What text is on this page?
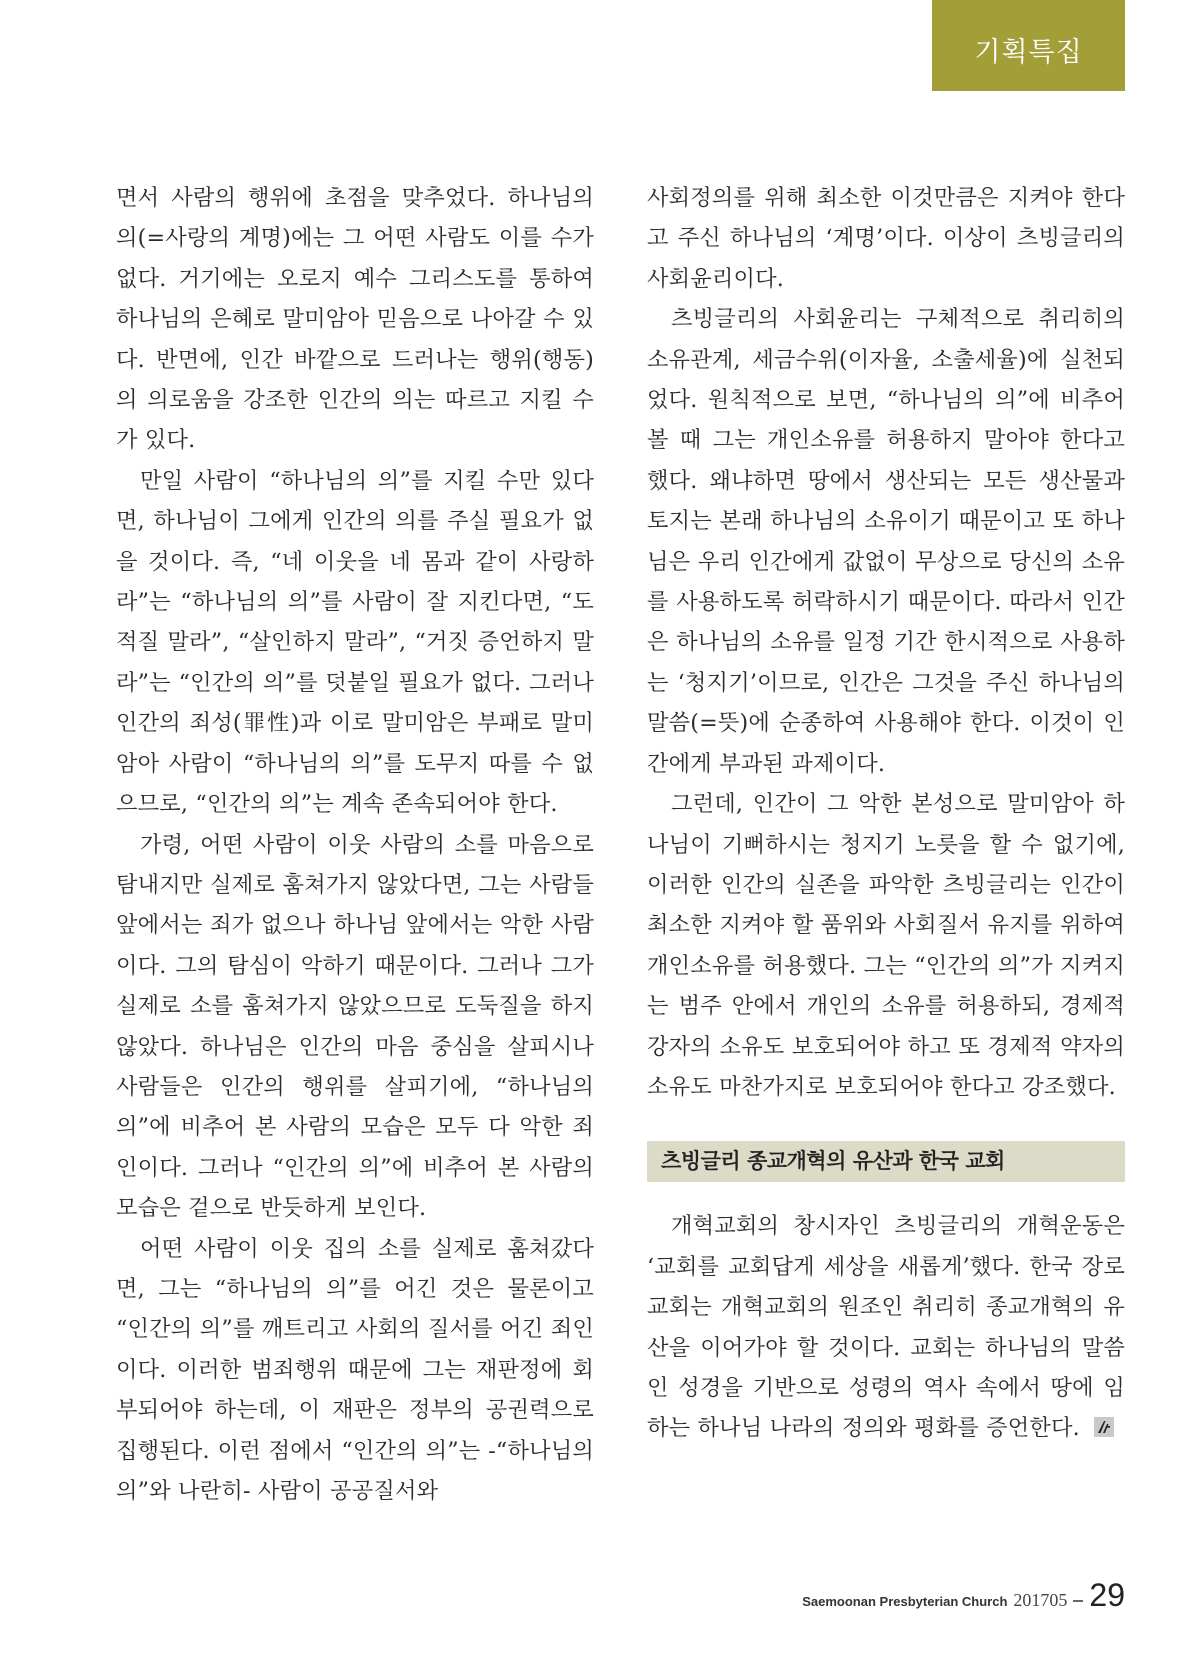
기획특집

면서 사람의 행위에 초점을 맞추었다. 하나님의 의(=사랑의 계명)에는 그 어떤 사람도 이를 수가 없다. 거기에는 오로지 예수 그리스도를 통하여 하나님의 은혜로 말미암아 믿음으로 나아갈 수 있다. 반면에, 인간 바깥으로 드러나는 행위(행동)의 의로움을 강조한 인간의 의는 따르고 지킬 수가 있다.

만일 사람이 “하나님의 의”를 지킬 수만 있다면, 하나님이 그에게 인간의 의를 주실 필요가 없을 것이다. 즉, “네 이웃을 네 몸과 같이 사랑하라”는 “하나님의 의”를 사람이 잘 지킨다면, “도적질 말라”, “살인하지 말라”, “거짓 증언하지 말라”는 “인간의 의”를 덧붙일 필요가 없다. 그러나 인간의 죄성(罪性)과 이로 말미암은 부패로 말미암아 사람이 “하나님의 의”를 도무지 따를 수 없으므로, “인간의 의”는 계속 존속되어야 한다.

가령, 어떤 사람이 이웃 사람의 소를 마음으로 탐내지만 실제로 훔쳐가지 않았다면, 그는 사람들 앞에서는 죄가 없으나 하나님 앞에서는 악한 사람이다. 그의 탐심이 악하기 때문이다. 그러나 그가 실제로 소를 훔쳐가지 않았으므로 도둑질을 하지 않았다. 하나님은 인간의 마음 중심을 살피시나 사람들은 인간의 행위를 살피기에, “하나님의 의”에 비추어 본 사람의 모습은 모두 다 악한 죄인이다. 그러나 “인간의 의”에 비추어 본 사람의 모습은 겉으로 반듯하게 보인다.

어떤 사람이 이웃 집의 소를 실제로 훔쳐갔다면, 그는 “하나님의 의”를 어긴 것은 물론이고 “인간의 의”를 깨트리고 사회의 질서를 어긴 죄인이다. 이러한 범죄행위 때문에 그는 재판정에 회부되어야 하는데, 이 재판은 정부의 공권력으로 집행된다. 이런 점에서 “인간의 의”는 -“하나님의 의”와 나란히- 사람이 공공질서와

사회정의를 위해 최소한 이것만큼은 지켜야 한다고 주신 하나님의 ‘계명’이다. 이상이 츠빙글리의 사회윤리이다.

츠빙글리의 사회윤리는 구체적으로 취리히의 소유관계, 세금수위(이자율, 소출세율)에 실천되었다. 원칙적으로 보면, “하나님의 의”에 비추어 볼 때 그는 개인소유를 허용하지 말아야 한다고 했다. 왜냐하면 땅에서 생산되는 모든 생산물과 토지는 본래 하나님의 소유이기 때문이고 또 하나님은 우리 인간에게 값없이 무상으로 당신의 소유를 사용하도록 허락하시기 때문이다. 따라서 인간은 하나님의 소유를 일정 기간 한시적으로 사용하는 ‘청지기’이므로, 인간은 그것을 주신 하나님의 말씀(=뜻)에 순종하여 사용해야 한다. 이것이 인간에게 부과된 과제이다.

그런데, 인간이 그 악한 본성으로 말미암아 하나님이 기뻐하시는 청지기 노릇을 할 수 없기에, 이러한 인간의 실존을 파악한 츠빙글리는 인간이 최소한 지켜야 할 품위와 사회질서 유지를 위하여 개인소유를 허용했다. 그는 “인간의 의”가 지켜지는 범주 안에서 개인의 소유를 허용하되, 경제적 강자의 소유도 보호되어야 하고 또 경제적 약자의 소유도 마찬가지로 보호되어야 한다고 강조했다.

츠빙글리 종교개혁의 유산과 한국 교회

개혁교회의 창시자인 츠빙글리의 개혁운동은 ‘교회를 교회답게 세상을 새롭게’했다. 한국 장로교회는 개혁교회의 원조인 취리히 종교개혁의 유산을 이어가야 할 것이다. 교회는 하나님의 말씀인 성경을 기반으로 성령의 역사 속에서 땅에 임하는 하나님 나라의 정의와 평화를 증언한다.

Saemoonan Presbyterian Church 201705 29
